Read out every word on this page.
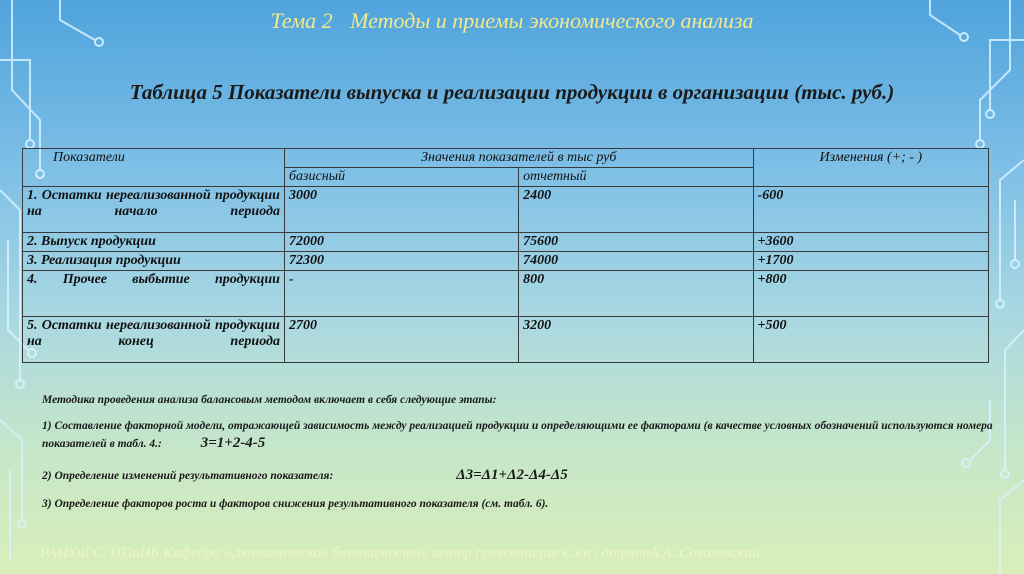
Тема 2 Методы и приемы экономического анализа
Таблица 5 Показатели выпуска и реализации продукции в организации (тыс. руб.)
Показатели	Значения показателей в тыс руб		Изменения (+; - )
	базисный	отчетный	
1. Остатки нереализованной продукции на начало периода	3000	2400	-600
2. Выпуск продукции	72000	75600	+3600
3. Реализация продукции	72300	74000	+1700
4. Прочее выбытие продукции	-	800	+800
5. Остатки нереализованной продукции на конец периода	2700	3200	+500

Методика проведения анализа балансовым методом включает в себя следующие этапы:

1) Составление факторной модели, отражающей зависимость между реализацией продукции и определяющими ее факторами (в качестве условных обозначений используются номера показателей в табл. 4.:	3=1+2-4-5

2) Определение изменений результативного показателя:	Δ3=Δ1+Δ2-Δ4-Δ5

3) Определение факторов роста и факторов снижения результативного показателя (см. табл. 6).

РАНХиГС, ИПиНБ Кафедра «Экономической безопасности» автор презентации к.э.н., доцентА.А..Соколовский
